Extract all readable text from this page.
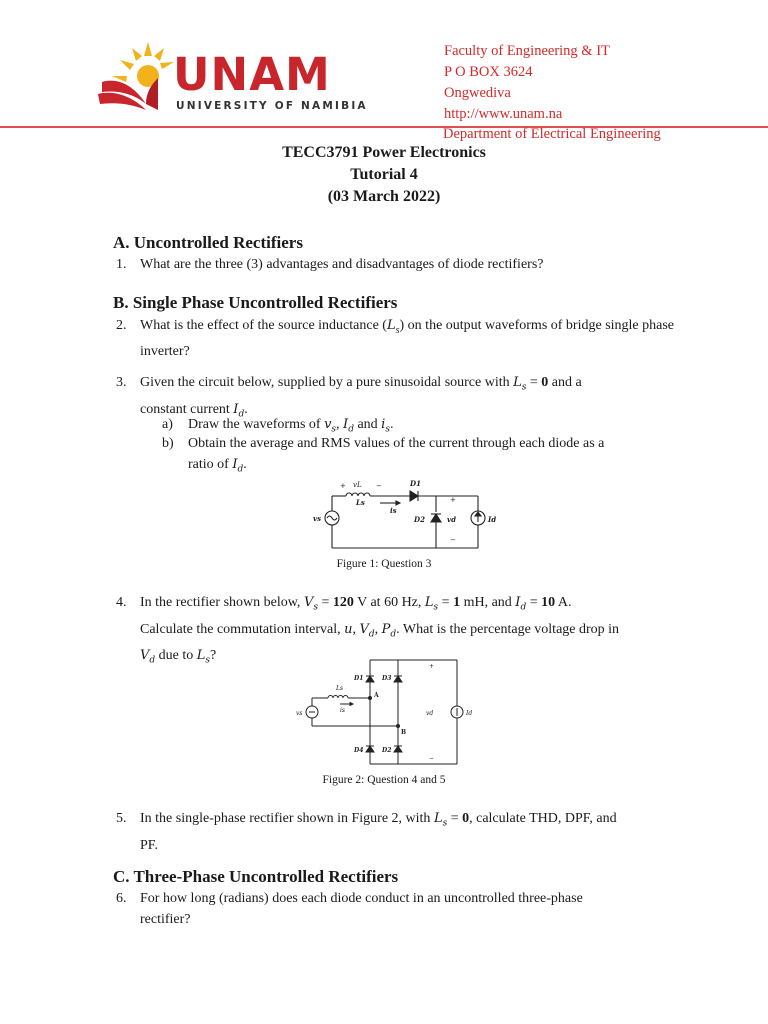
UNAM
UNIVERSITY OF NAMIBIA
Faculty of Engineering & IT
P O BOX 3624
Ongwediva
http://www.unam.na
Department of Electrical Engineering
TECC3791 Power Electronics
Tutorial 4
(03 March 2022)
A. Uncontrolled Rectifiers
1. What are the three (3) advantages and disadvantages of diode rectifiers?
B. Single Phase Uncontrolled Rectifiers
2. What is the effect of the source inductance $(L_s)$ on the output waveforms of bridge single phase inverter?
3. Given the circuit below, supplied by a pure sinusoidal source with $L_s = 0$ and a
constant current $I_d$.
a) Draw the waveforms of $v_s$, $I_d$ and $i_s$.
b) Obtain the average and RMS values of the current through each diode as a
ratio of $I_d$.
vL
+	−	D1
Ls
is
D2	vd	Id
vs
+
−
Figure 1: Question 3
4. In the rectifier shown below, $V_s = 120$ V at 60 Hz, $L_s = 1$ mH, and $I_d = 10$ A.
Calculate the commutation interval, u, $V_d$, $P_d$. What is the percentage voltage drop in
$V_d$ due to $L_s$?
D1	D3
D4	D2
Ls
is
A
B
vd	Id
vs
+
−
Figure 2: Question 4 and 5
5. In the single-phase rectifier shown in Figure 2, with $L_s = 0$, calculate THD, DPF, and
PF.
C. Three-Phase Uncontrolled Rectifiers
6. For how long (radians) does each diode conduct in an uncontrolled three-phase
rectifier?
